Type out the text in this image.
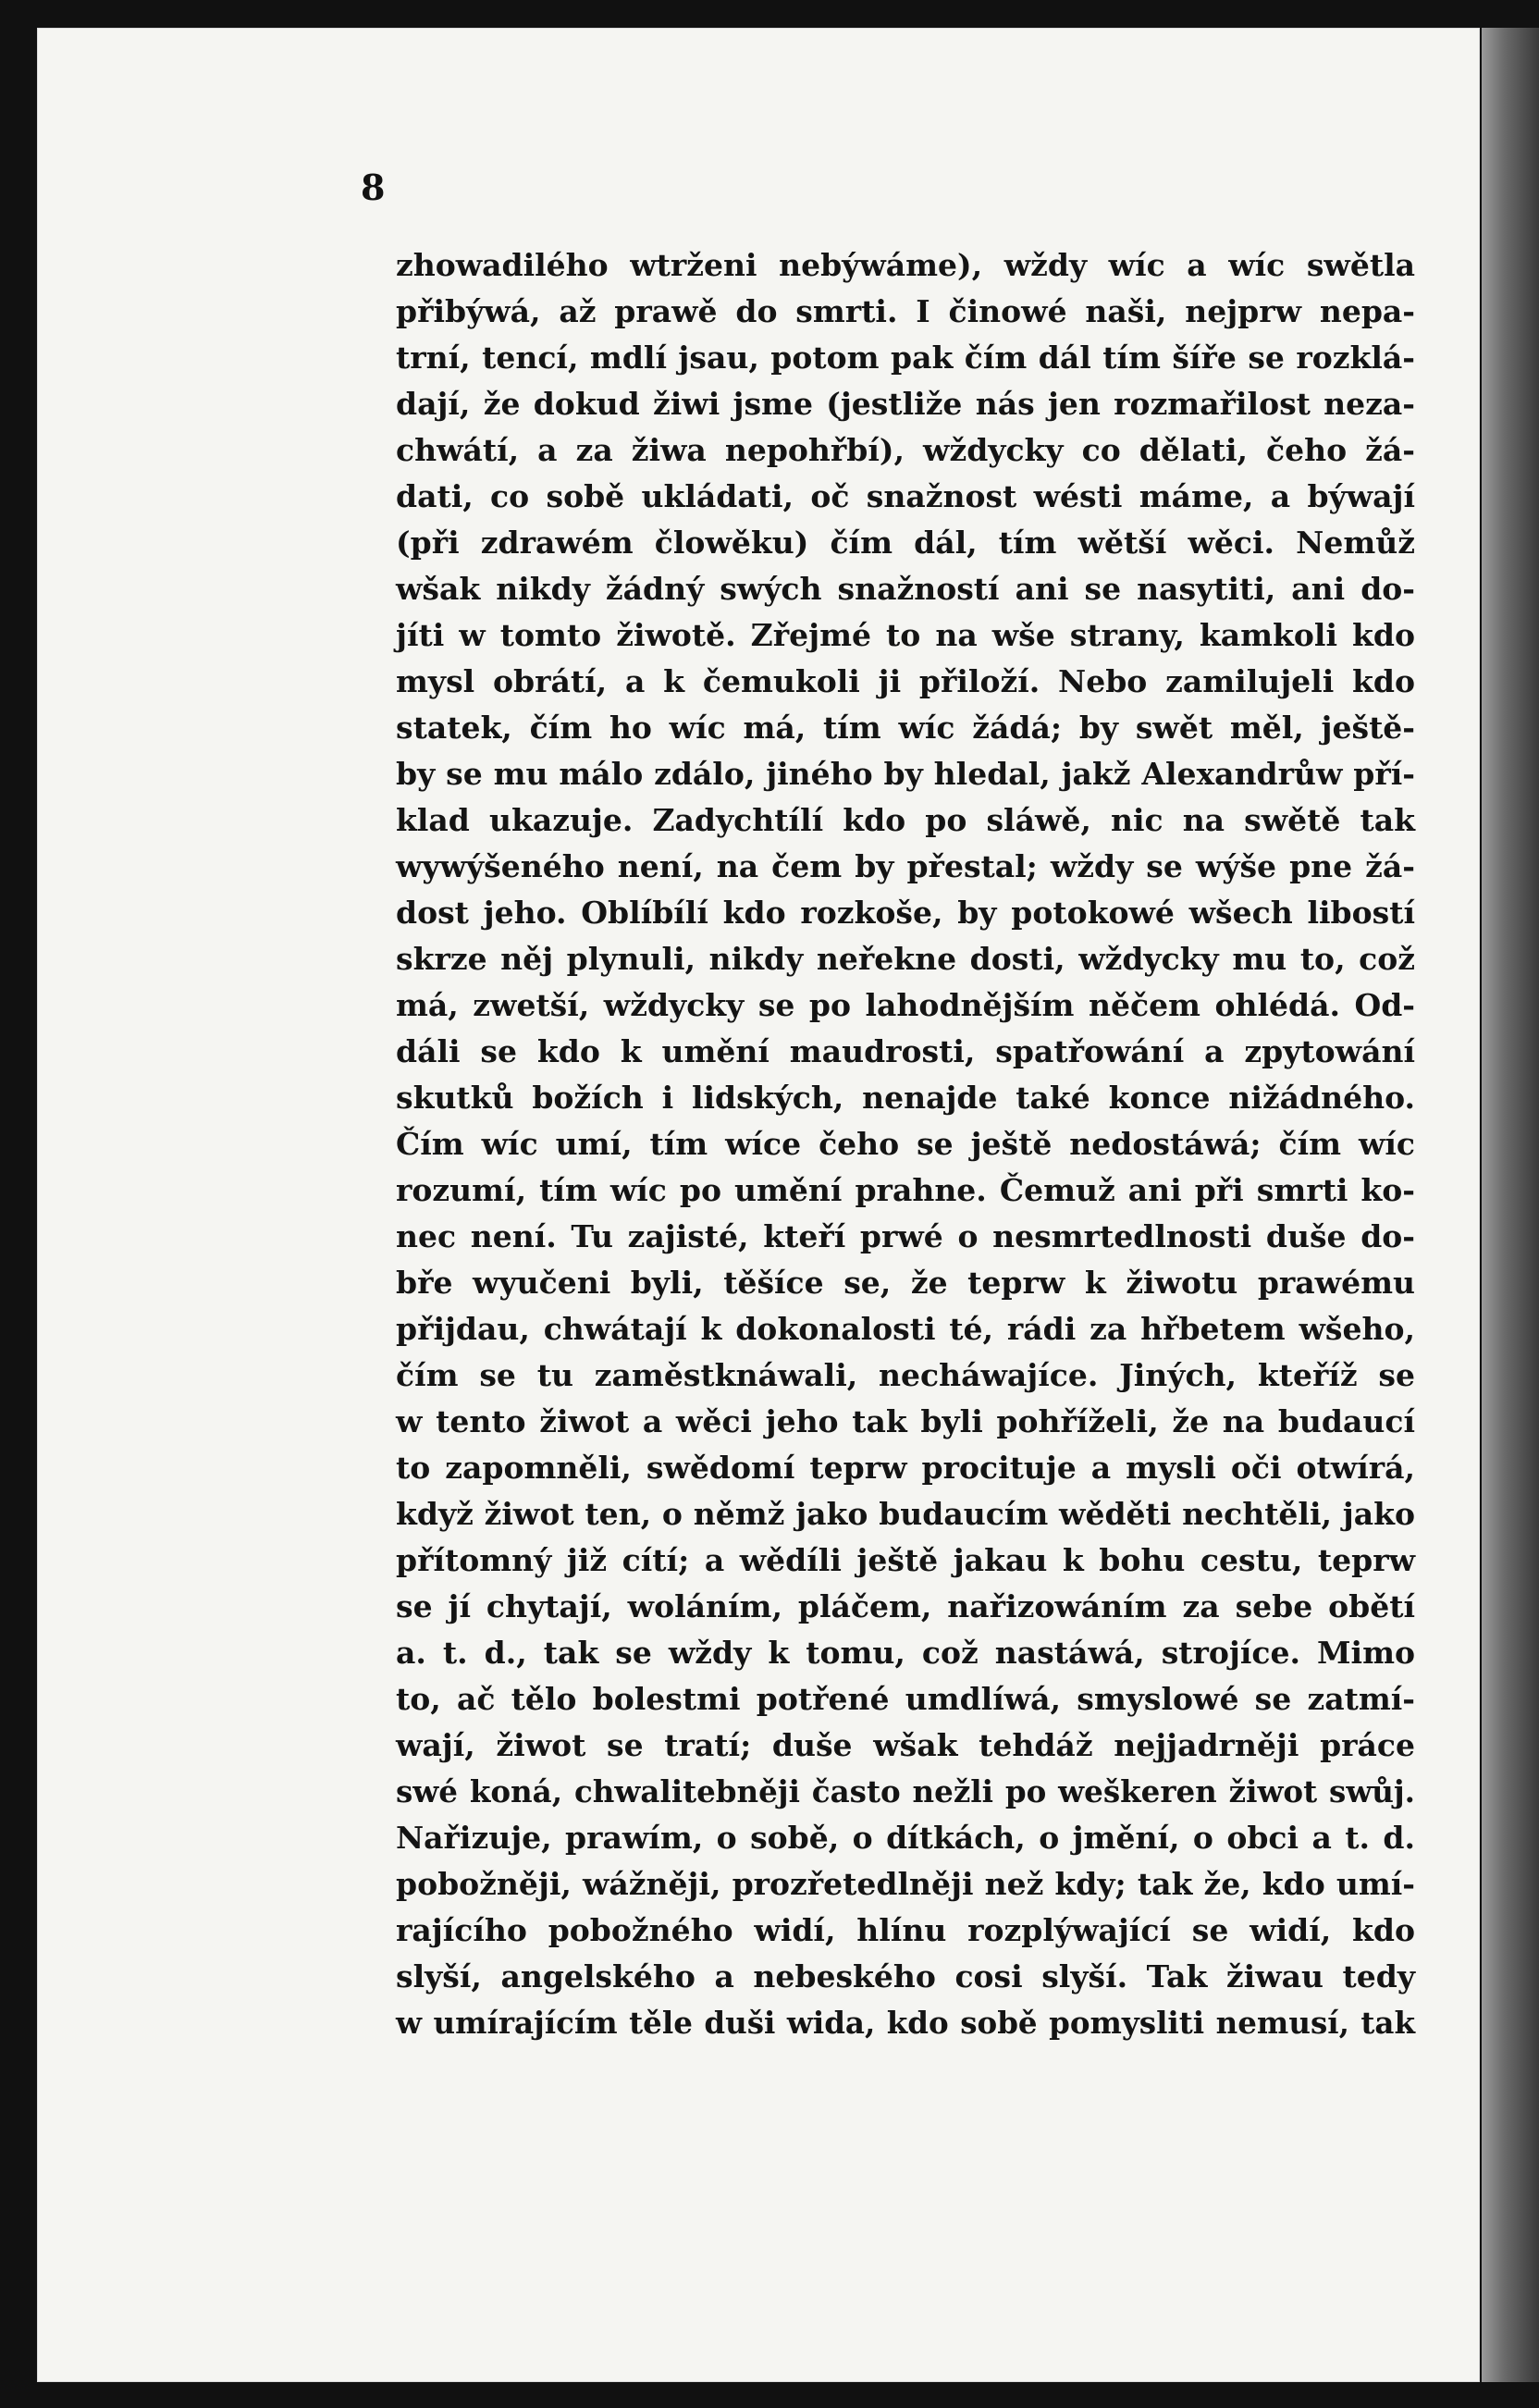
8
zhowadilého wtrženi nebýwáme), wždy wíc a wíc swětla
přibýwá, až prawě do smrti. I činowé naši, nejprw nepa-
trní, tencí, mdlí jsau, potom pak čím dál tím šíře se rozklá-
dají, že dokud žiwi jsme (jestliže nás jen rozmařilost neza-
chwátí, a za žiwa nepohřbí), wždycky co dělati, čeho žá-
dati, co sobě ukládati, oč snažnost wésti máme, a býwají
(při zdrawém člowěku) čím dál, tím wětší wěci. Nemůž
wšak nikdy žádný swých snažností ani se nasytiti, ani do-
jíti w tomto žiwotě. Zřejmé to na wše strany, kamkoli kdo
mysl obrátí, a k čemukoli ji přiloží. Nebo zamilujeli kdo
statek, čím ho wíc má, tím wíc žádá; by swět měl, ještě-
by se mu málo zdálo, jiného by hledal, jakž Alexandrůw pří-
klad ukazuje. Zadychtílí kdo po sláwě, nic na swětě tak
wywýšeného není, na čem by přestal; wždy se wýše pne žá-
dost jeho. Oblíbílí kdo rozkoše, by potokowé wšech libostí
skrze něj plynuli, nikdy neřekne dosti, wždycky mu to, což
má, zwetší, wždycky se po lahodnějším něčem ohlédá. Od-
dáli se kdo k umění maudrosti, spatřowání a zpytowání
skutků božích i lidských, nenajde také konce nižádného.
Čím wíc umí, tím wíce čeho se ještě nedostáwá; čím wíc
rozumí, tím wíc po umění prahne. Čemuž ani při smrti ko-
nec není. Tu zajisté, kteří prwé o nesmrtedlnosti duše do-
bře wyučeni byli, těšíce se, že teprw k žiwotu prawému
přijdau, chwátají k dokonalosti té, rádi za hřbetem wšeho,
čím se tu zaměstknáwali, necháwajíce. Jiných, kteříž se
w tento žiwot a wěci jeho tak byli pohříželi, že na budaucí
to zapomněli, swědomí teprw procituje a mysli oči otwírá,
když žiwot ten, o němž jako budaucím wěděti nechtěli, jako
přítomný již cítí; a wědíli ještě jakau k bohu cestu, teprw
se jí chytají, woláním, pláčem, nařizowáním za sebe obětí
a. t. d., tak se wždy k tomu, což nastáwá, strojíce. Mimo
to, ač tělo bolestmi potřené umdlíwá, smyslowé se zatmí-
wají, žiwot se tratí; duše wšak tehdáž nejjadrněji práce
swé koná, chwalitebněji často nežli po weškeren žiwot swůj.
Nařizuje, prawím, o sobě, o dítkách, o jmění, o obci a t. d.
pobožněji, wážněji, prozřetedlněji než kdy; tak že, kdo umí-
rajícího pobožného widí, hlínu rozplýwající se widí, kdo
slyší, angelského a nebeského cosi slyší. Tak žiwau tedy
w umírajícím těle duši wida, kdo sobě pomysliti nemusí, tak
